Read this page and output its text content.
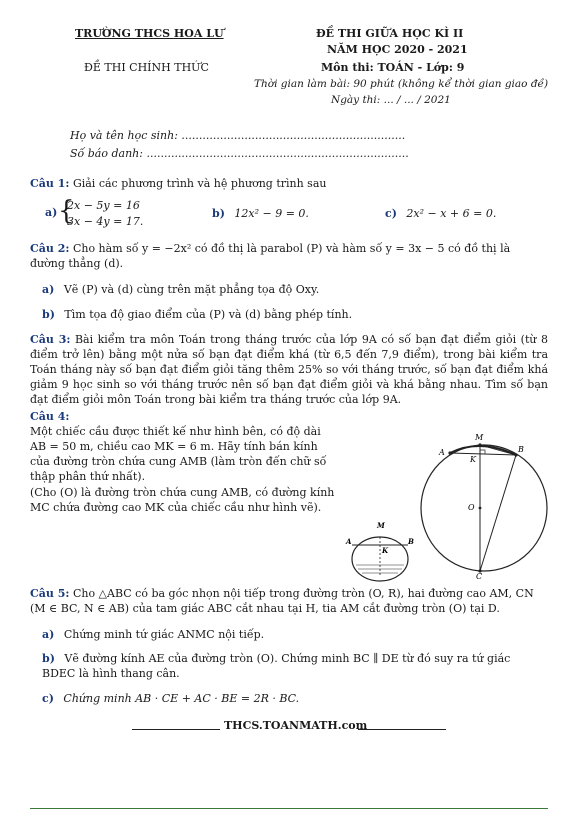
TRƯỜNG THCS HOA LƯ
ĐỀ THI CHÍNH THỨC
ĐỀ THI GIỮA HỌC KÌ II
NĂM HỌC 2020 - 2021
Môn thi: TOÁN - Lớp: 9
Thời gian làm bài: 90 phút (không kể thời gian giao đề)
Ngày thi: ... / ... / 2021
Họ và tên học sinh: ................................................................
Số báo danh: ...........................................................................
Câu 1: Giải các phương trình và hệ phương trình sau
a) {
2x − 5y = 16
3x − 4y = 17.
b) 12x² − 9 = 0.	c) 2x² − x + 6 = 0.
Câu 2: Cho hàm số y = −2x² có đồ thị là parabol (P) và hàm số y = 3x − 5 có đồ thị là đường thẳng (d).
a) Vẽ (P) và (d) cùng trên mặt phẳng tọa độ Oxy.
b) Tìm tọa độ giao điểm của (P) và (d) bằng phép tính.
Câu 3: Bài kiểm tra môn Toán trong tháng trước của lớp 9A có số bạn đạt điểm giỏi (từ 8 điểm trở lên) bằng một nửa số bạn đạt điểm khá (từ 6,5 đến 7,9 điểm), trong bài kiểm tra Toán tháng này số bạn đạt điểm giỏi tăng thêm 25% so với tháng trước, số bạn đạt điểm khá giảm 9 học sinh so với tháng trước nên số bạn đạt điểm giỏi và khá bằng nhau. Tìm số bạn đạt điểm giỏi môn Toán trong bài kiểm tra tháng trước của lớp 9A.
Câu 4:
Một chiếc cầu được thiết kế như hình bên, có độ dài AB = 50 m, chiều cao MK = 6 m. Hãy tính bán kính của đường tròn chứa cung AMB (làm tròn đến chữ số thập phân thứ nhất).
(Cho (O) là đường tròn chứa cung AMB, có đường kính MC chứa đường cao MK của chiếc cầu như hình vẽ).
M
A	B
K
M
A	B
K
O
C
Câu 5: Cho △ABC có ba góc nhọn nội tiếp trong đường tròn (O, R), hai đường cao AM, CN (M ∈ BC, N ∈ AB) của tam giác ABC cắt nhau tại H, tia AM cắt đường tròn (O) tại D.
a) Chứng minh tứ giác ANMC nội tiếp.
b) Vẽ đường kính AE của đường tròn (O). Chứng minh BC ∥ DE từ đó suy ra tứ giác BDEC là hình thang cân.
c) Chứng minh AB · CE + AC · BE = 2R · BC.
THCS.TOANMATH.com
